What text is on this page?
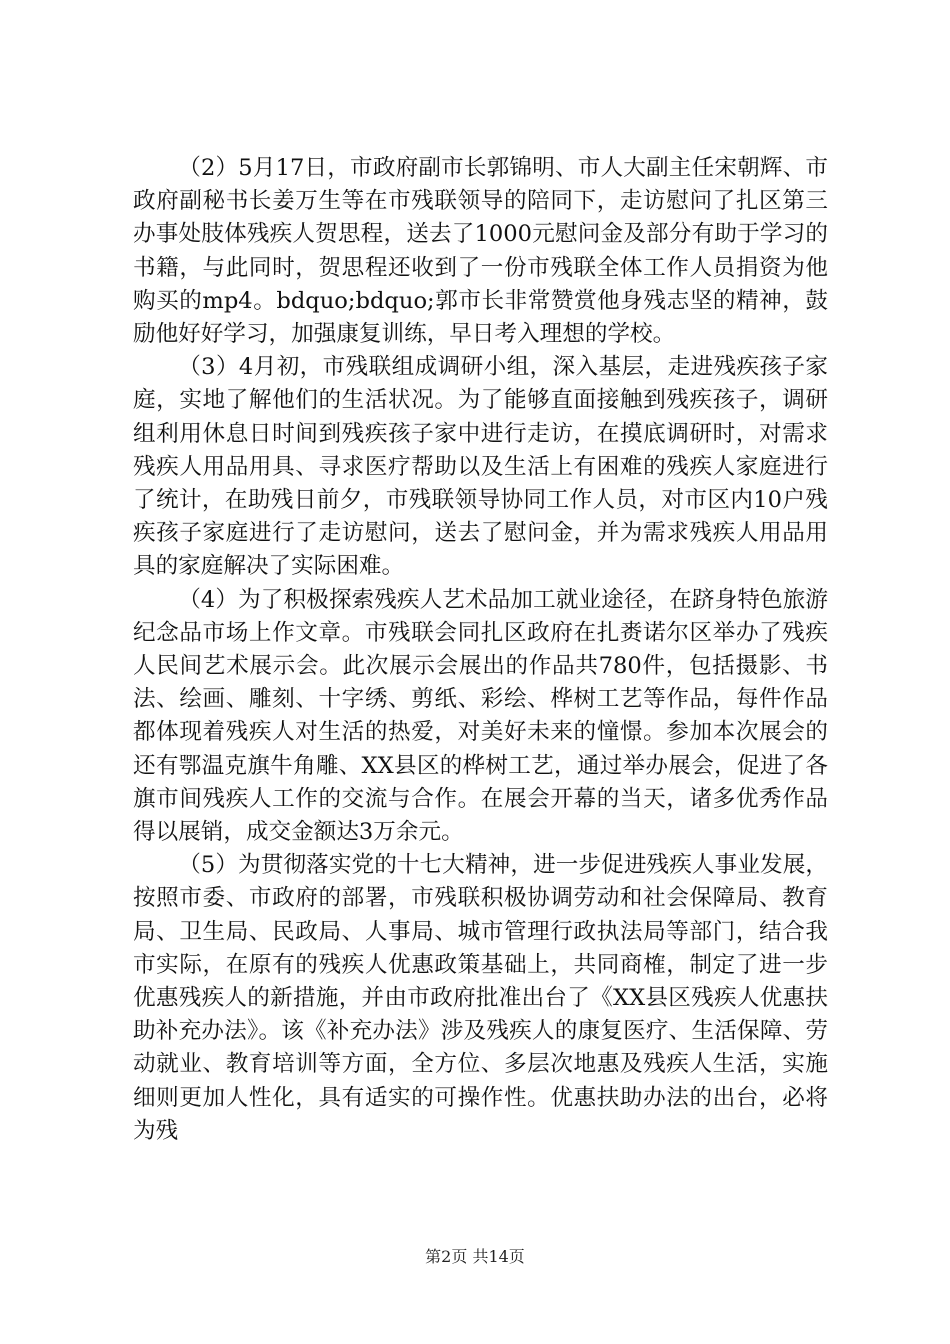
（2）5月17日，市政府副市长郭锦明、市人大副主任宋朝辉、市政府副秘书长姜万生等在市残联领导的陪同下，走访慰问了扎区第三办事处肢体残疾人贺思程，送去了1000元慰问金及部分有助于学习的书籍，与此同时，贺思程还收到了一份市残联全体工作人员捐资为他购买的mp4。bdquo;bdquo;郭市长非常赞赏他身残志坚的精神，鼓励他好好学习，加强康复训练，早日考入理想的学校。

（3）4月初，市残联组成调研小组，深入基层，走进残疾孩子家庭，实地了解他们的生活状况。为了能够直面接触到残疾孩子，调研组利用休息日时间到残疾孩子家中进行走访，在摸底调研时，对需求残疾人用品用具、寻求医疗帮助以及生活上有困难的残疾人家庭进行了统计，在助残日前夕，市残联领导协同工作人员，对市区内10户残疾孩子家庭进行了走访慰问，送去了慰问金，并为需求残疾人用品用具的家庭解决了实际困难。

（4）为了积极探索残疾人艺术品加工就业途径，在跻身特色旅游纪念品市场上作文章。市残联会同扎区政府在扎赉诺尔区举办了残疾人民间艺术展示会。此次展示会展出的作品共780件，包括摄影、书法、绘画、雕刻、十字绣、剪纸、彩绘、桦树工艺等作品，每件作品都体现着残疾人对生活的热爱，对美好未来的憧憬。参加本次展会的还有鄂温克旗牛角雕、XX县区的桦树工艺，通过举办展会，促进了各旗市间残疾人工作的交流与合作。在展会开幕的当天，诸多优秀作品得以展销，成交金额达3万余元。

（5）为贯彻落实党的十七大精神，进一步促进残疾人事业发展，按照市委、市政府的部署，市残联积极协调劳动和社会保障局、教育局、卫生局、民政局、人事局、城市管理行政执法局等部门，结合我市实际，在原有的残疾人优惠政策基础上，共同商榷，制定了进一步优惠残疾人的新措施，并由市政府批准出台了《XX县区残疾人优惠扶助补充办法》。该《补充办法》涉及残疾人的康复医疗、生活保障、劳动就业、教育培训等方面，全方位、多层次地惠及残疾人生活，实施细则更加人性化，具有适实的可操作性。优惠扶助办法的出台，必将为残

第2页 共14页
